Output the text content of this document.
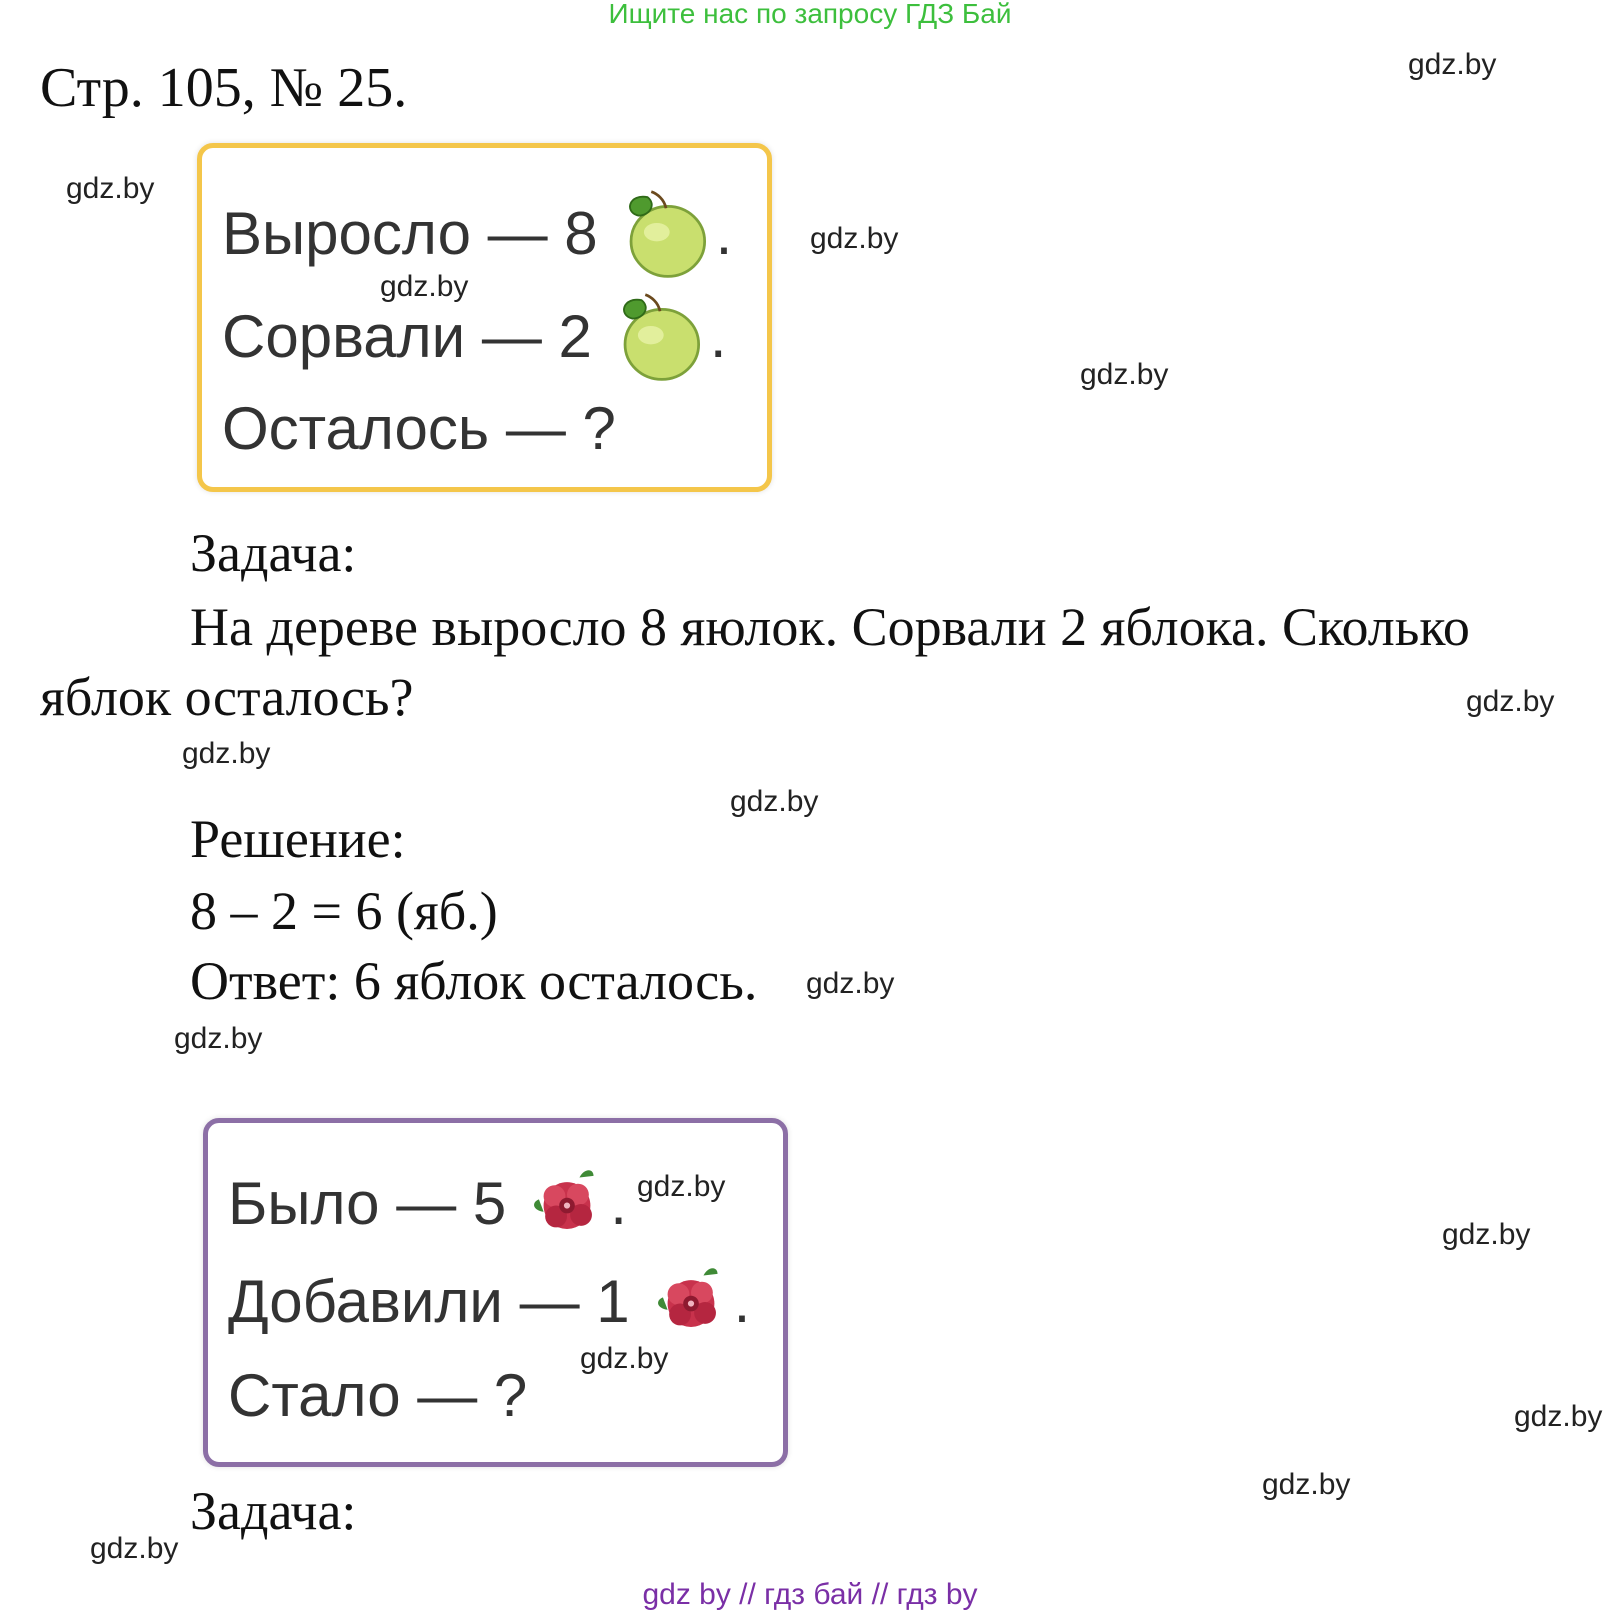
Ищите нас по запросу ГДЗ Бай
Стр. 105, № 25.
Выросло — 8 .
Сорвали — 2 .
Осталось — ?
Задача:

На дереве выросло 8 яюлок. Сорвали 2 яблока. Сколько яблок осталось?

Решение:
8 – 2 = 6 (яб.)
Ответ: 6 яблок осталось.
Было — 5 .
Добавили — 1 .
Стало — ?
Задача:
gdz.by
gdz.by
gdz.by
gdz.by
gdz.by
gdz.by
gdz.by
gdz.by
gdz.by
gdz.by
gdz.by
gdz.by
gdz.by
gdz.by
gdz.by
gdz.by
gdz by // гдз бай // гдз by
